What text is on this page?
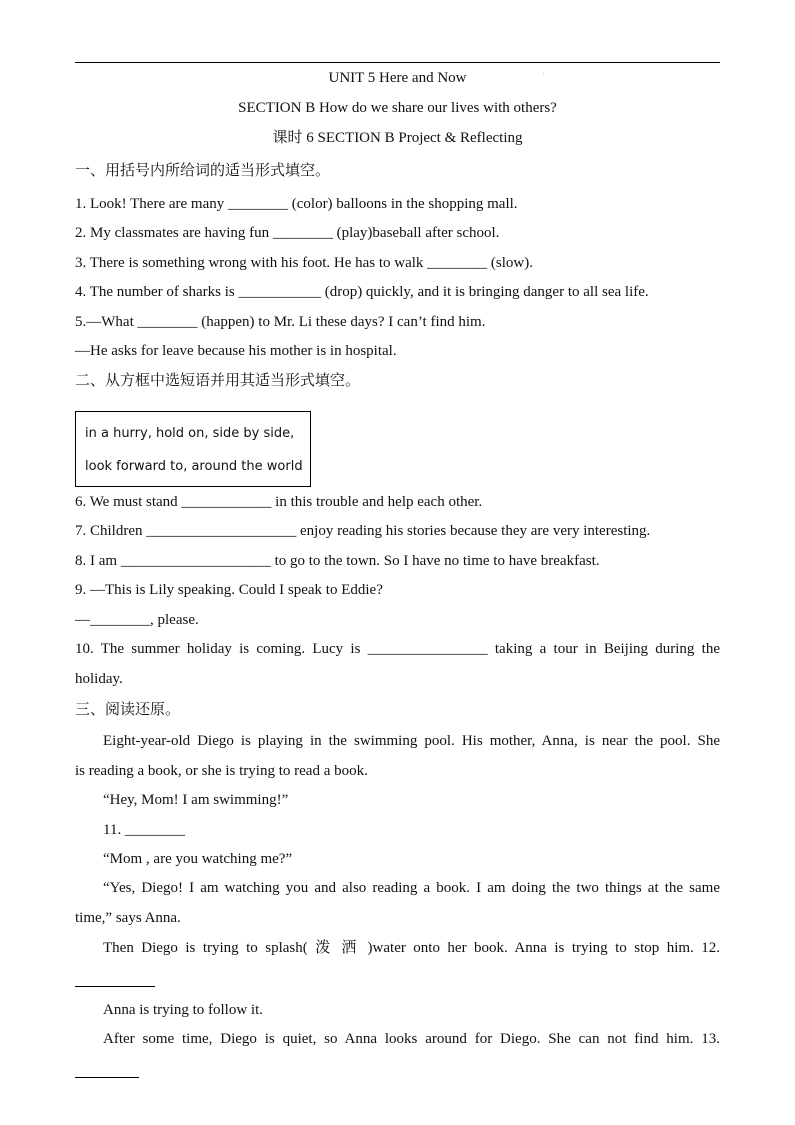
.
UNIT 5 Here and Now
SECTION B How do we share our lives with others?
课时 6 SECTION B Project & Reflecting
一、用括号内所给词的适当形式填空。
1. Look! There are many ________ (color) balloons in the shopping mall.
2. My classmates are having fun ________ (play)baseball after school.
3. There is something wrong with his foot. He has to walk ________ (slow).
4. The number of sharks is ___________ (drop) quickly, and it is bringing danger to all sea life.
5.—What ________ (happen) to Mr. Li these days? I can’t find him.
—He asks for leave because his mother is in hospital.
二、从方框中选短语并用其适当形式填空。
in a hurry, hold on, side by side,
look forward to, around the world
6. We must stand ____________ in this trouble and help each other.
7. Children ____________________ enjoy reading his stories because they are very interesting.
8. I am ____________________ to go to the town. So I have no time to have breakfast.
9. —This is Lily speaking. Could I speak to Eddie?
—________, please.
10. The summer holiday is coming. Lucy is ________________ taking a tour in Beijing during the
holiday.
三、阅读还原。
Eight-year-old Diego is playing in the swimming pool. His mother, Anna, is near the pool. She
is reading a book, or she is trying to read a book.
“Hey, Mom! I am swimming!”
11. ________
“Mom , are you watching me?”
“Yes, Diego! I am watching you and also reading a book. I am doing the two things at the same
time,” says Anna.
Then Diego is trying to splash( 泼 洒 )water onto her book. Anna is trying to stop him. 12.
Anna is trying to follow it.
After some time, Diego is quiet, so Anna looks around for Diego. She can not find him. 13.
